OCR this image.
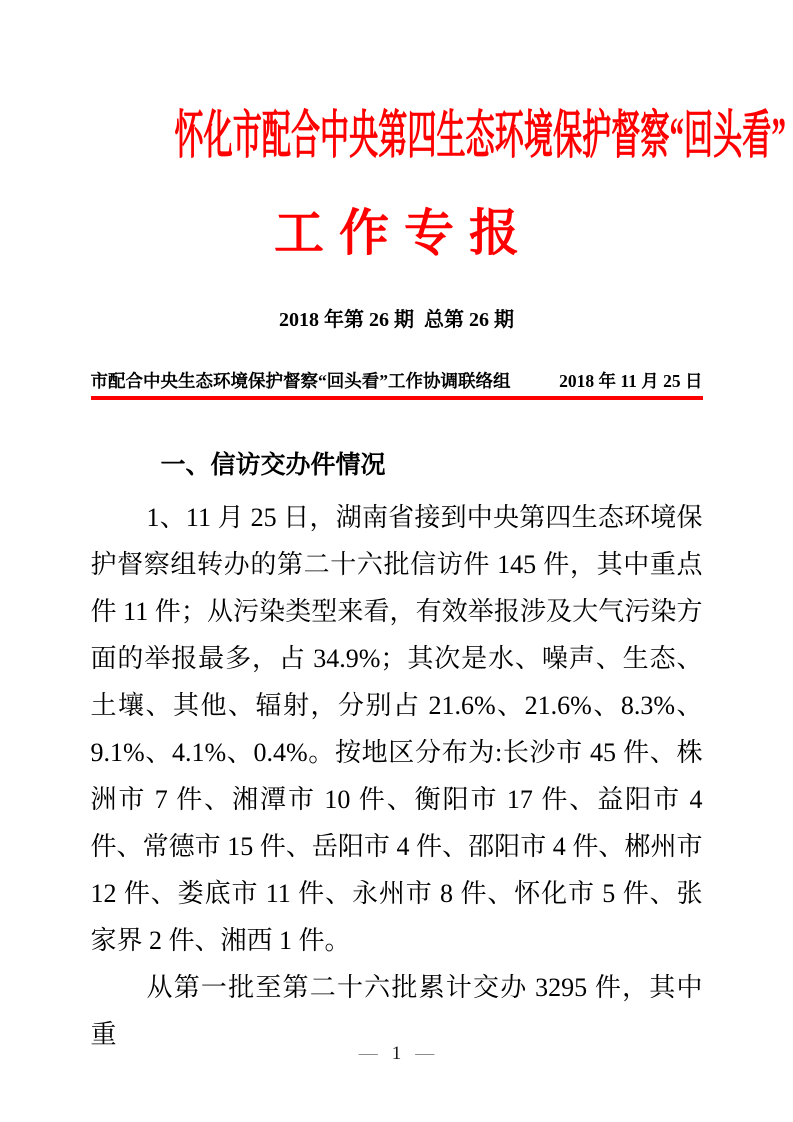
怀化市配合中央第四生态环境保护督察“回头看”
工作专报
2018 年第 26 期  总第 26 期
市配合中央生态环境保护督察“回头看”工作协调联络组	2018 年 11 月 25 日
一、信访交办件情况

1、11 月 25 日，湖南省接到中央第四生态环境保护督察组转办的第二十六批信访件 145 件，其中重点件 11 件；从污染类型来看，有效举报涉及大气污染方面的举报最多，占 34.9%；其次是水、噪声、生态、土壤、其他、辐射，分别占 21.6%、21.6%、8.3%、9.1%、4.1%、0.4%。按地区分布为:长沙市 45 件、株洲市 7 件、湘潭市 10 件、衡阳市 17 件、益阳市 4 件、常德市 15 件、岳阳市 4 件、邵阳市 4 件、郴州市 12 件、娄底市 11 件、永州市 8 件、怀化市 5 件、张家界 2 件、湘西 1 件。

从第一批至第二十六批累计交办 3295 件，其中重

— 1 —
